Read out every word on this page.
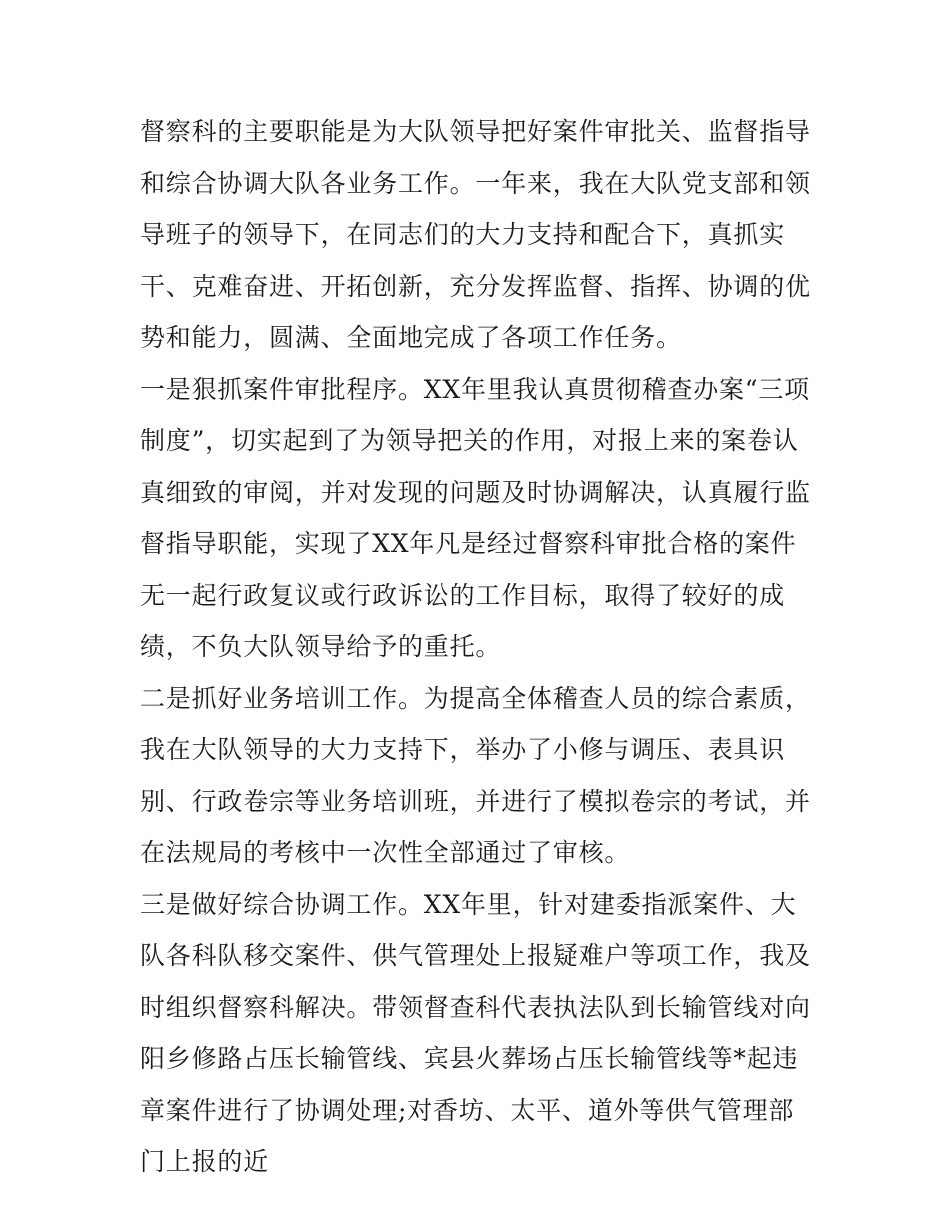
督察科的主要职能是为大队领导把好案件审批关、监督指导和综合协调大队各业务工作。一年来，我在大队党支部和领导班子的领导下，在同志们的大力支持和配合下，真抓实干、克难奋进、开拓创新，充分发挥监督、指挥、协调的优势和能力，圆满、全面地完成了各项工作任务。

一是狠抓案件审批程序。XX年里我认真贯彻稽查办案“三项制度”，切实起到了为领导把关的作用，对报上来的案卷认真细致的审阅，并对发现的问题及时协调解决，认真履行监督指导职能，实现了XX年凡是经过督察科审批合格的案件无一起行政复议或行政诉讼的工作目标，取得了较好的成绩，不负大队领导给予的重托。

二是抓好业务培训工作。为提高全体稽查人员的综合素质，我在大队领导的大力支持下，举办了小修与调压、表具识别、行政卷宗等业务培训班，并进行了模拟卷宗的考试，并在法规局的考核中一次性全部通过了审核。

三是做好综合协调工作。XX年里，针对建委指派案件、大队各科队移交案件、供气管理处上报疑难户等项工作，我及时组织督察科解决。带领督查科代表执法队到长输管线对向阳乡修路占压长输管线、宾县火葬场占压长输管线等*起违章案件进行了协调处理;对香坊、太平、道外等供气管理部门上报的近
